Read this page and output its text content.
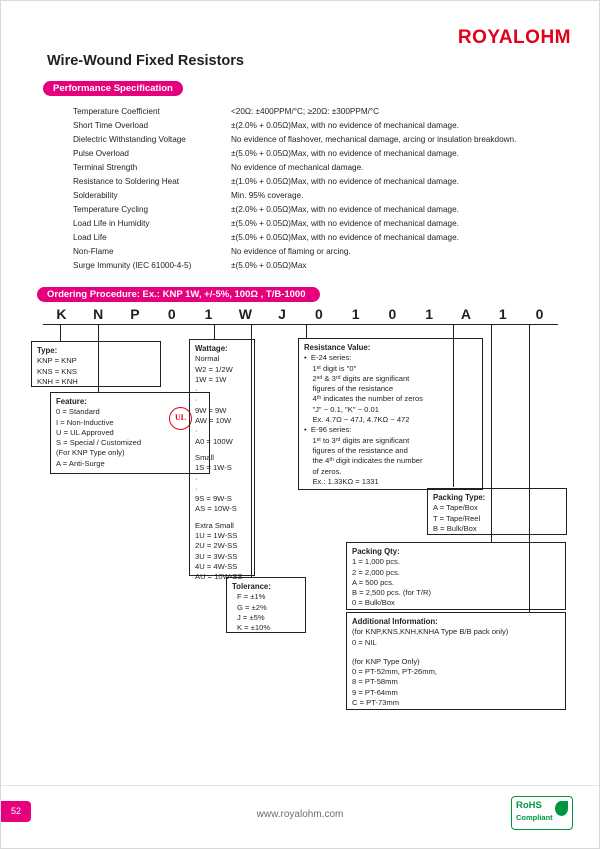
ROYALOHM
Wire-Wound Fixed Resistors
Performance Specification
Temperature Coefficient	<20Ω: ±400PPM/°C; ≥20Ω: ±300PPM/°C
Short Time Overload	±(2.0% + 0.05Ω)Max, with no evidence of mechanical damage.
Dielectric Withstanding Voltage	No evidence of flashover, mechanical damage, arcing or insulation breakdown.
Pulse Overload	±(5.0% + 0.05Ω)Max, with no evidence of mechanical damage.
Terminal Strength	No evidence of mechanical damage.
Resistance to Soldering Heat	±(1.0% + 0.05Ω)Max, with no evidence of mechanical damage.
Solderability	Min. 95% coverage.
Temperature Cycling	±(2.0% + 0.05Ω)Max, with no evidence of mechanical damage.
Load Life in Humidity	±(5.0% + 0.05Ω)Max, with no evidence of mechanical damage.
Load Life	±(5.0% + 0.05Ω)Max, with no evidence of mechanical damage.
Non-Flame	No evidence of flaming or arcing.
Surge Immunity (IEC 61000-4-5)	±(5.0% + 0.05Ω)Max
Ordering Procedure: Ex.: KNP 1W, +/-5%, 100Ω , T/B-1000
K	N	P	0	1	W	J	0	1	0	1	A	1	0
Type:
KNP = KNP
KNS = KNS
KNH = KNH
Feature:
0 = Standard
I = Non-Inductive
U = UL Approved
S = Special / Customized
(For KNP Type only)
A = Anti-Surge
UL
Wattage:
Normal
W2 = 1/2W
1W = 1W
·
·
9W = 9W
AW = 10W
·
A0 = 100W
Small
1S = 1W-S
·
·
9S = 9W-S
AS = 10W-S
Extra Small
1U = 1W-SS
2U = 2W-SS
3U = 3W-SS
4U = 4W-SS
AU = 10W-SS
Tolerance:
F = ±1%
G = ±2%
J = ±5%
K = ±10%
Resistance Value:
•  E-24 series:
1ˢᵗ digit is "0"
2ⁿᵈ & 3ʳᵈ digits are significant
figures of the resistance
4ᵗʰ indicates the number of zeros
"J" ~ 0.1, "K" ~ 0.01
Ex. 4.7Ω ~ 47J, 4.7KΩ ~ 472
•  E-96 series:
1ˢᵗ to 3ʳᵈ digits are significant
figures of the resistance and
the 4ᵗʰ digit indicates the number
of zeros.
Ex.: 1.33KΩ = 1331
Packing Type:
A = Tape/Box
T = Tape/Reel
B = Bulk/Box
Packing Qty:
1 = 1,000 pcs.
2 = 2,000 pcs.
A = 500 pcs.
B = 2,500 pcs. (for T/R)
0 = Bulk/Box
Additional Information:
(for KNP,KNS,KNH,KNHA Type B/B pack only)
0 = NIL
(for KNP Type Only)
0 = PT-52mm, PT-26mm,
8 = PT-58mm
9 = PT-64mm
C = PT-73mm
52	www.royalohm.com
RoHS
Compliant
